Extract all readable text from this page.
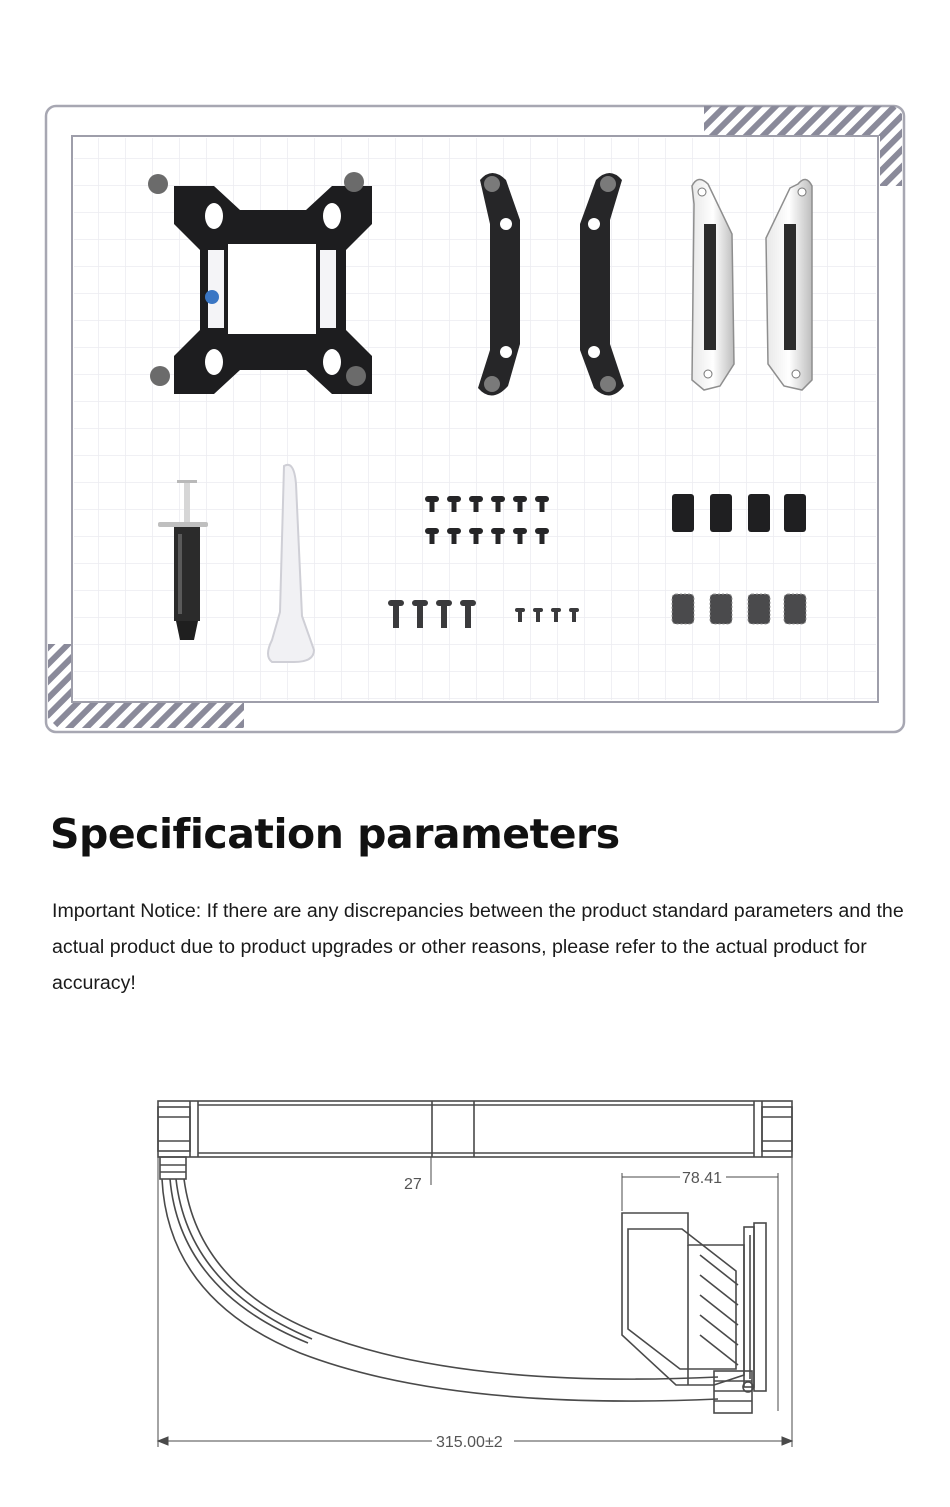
Specification parameters

Important Notice: If there are any discrepancies between the product standard parameters and the actual product due to product upgrades or other reasons, please refer to the actual product for accuracy!

27	78.41
315.00±2
